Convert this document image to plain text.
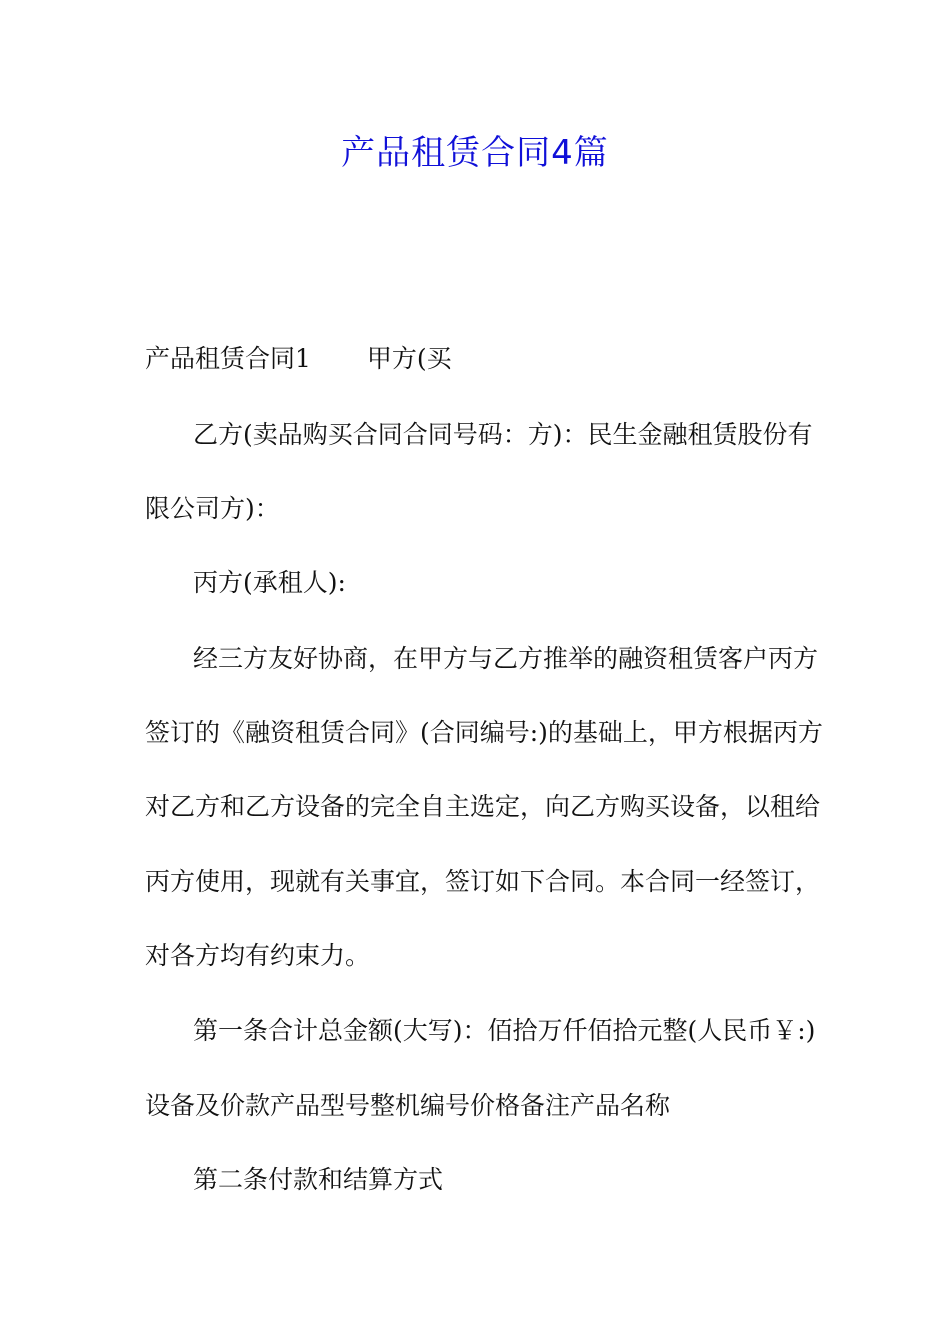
产品租赁合同4篇

产品租赁合同1 甲方(买

乙方(卖品购买合同合同号码：方)：民生金融租赁股份有

限公司方)：

丙方(承租人):

经三方友好协商，在甲方与乙方推举的融资租赁客户丙方

签订的《融资租赁合同》(合同编号:)的基础上，甲方根据丙方

对乙方和乙方设备的完全自主选定，向乙方购买设备，以租给

丙方使用，现就有关事宜，签订如下合同。本合同一经签订，

对各方均有约束力。

第一条合计总金额(大写)：佰拾万仟佰拾元整(人民币￥:)

设备及价款产品型号整机编号价格备注产品名称

第二条付款和结算方式
